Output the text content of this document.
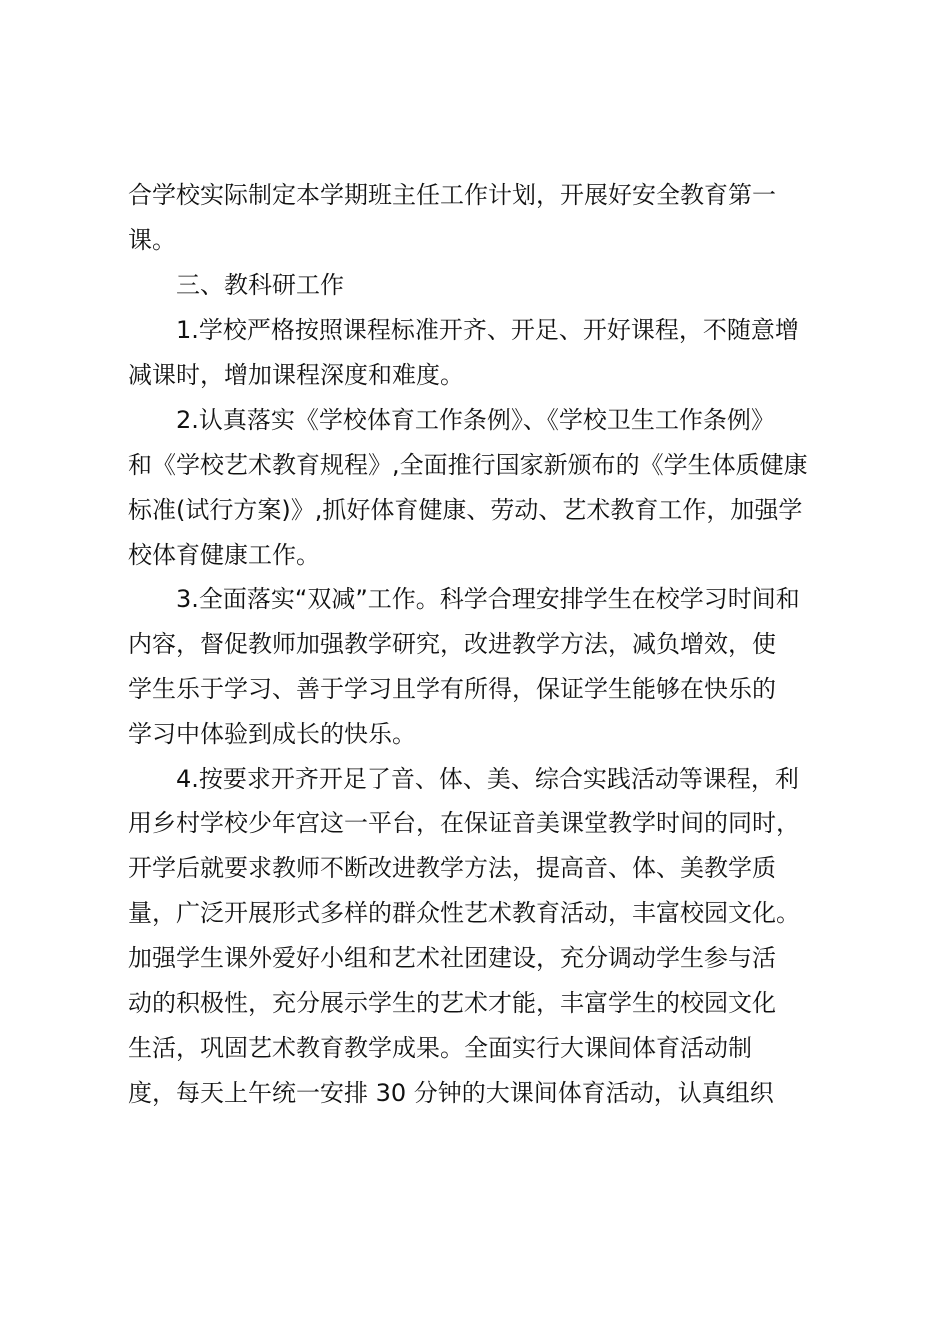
合学校实际制定本学期班主任工作计划，开展好安全教育第一
课。
三、教科研工作
1.学校严格按照课程标准开齐、开足、开好课程，不随意增
减课时，增加课程深度和难度。
2.认真落实《学校体育工作条例》、《学校卫生工作条例》
和《学校艺术教育规程》,全面推行国家新颁布的《学生体质健康
标准(试行方案)》,抓好体育健康、劳动、艺术教育工作，加强学
校体育健康工作。
3.全面落实“双减”工作。科学合理安排学生在校学习时间和
内容，督促教师加强教学研究，改进教学方法，减负增效，使
学生乐于学习、善于学习且学有所得，保证学生能够在快乐的
学习中体验到成长的快乐。
4.按要求开齐开足了音、体、美、综合实践活动等课程，利
用乡村学校少年宫这一平台，在保证音美课堂教学时间的同时，
开学后就要求教师不断改进教学方法，提高音、体、美教学质
量，广泛开展形式多样的群众性艺术教育活动，丰富校园文化。
加强学生课外爱好小组和艺术社团建设，充分调动学生参与活
动的积极性，充分展示学生的艺术才能，丰富学生的校园文化
生活，巩固艺术教育教学成果。全面实行大课间体育活动制
度，每天上午统一安排 30 分钟的大课间体育活动，认真组织
